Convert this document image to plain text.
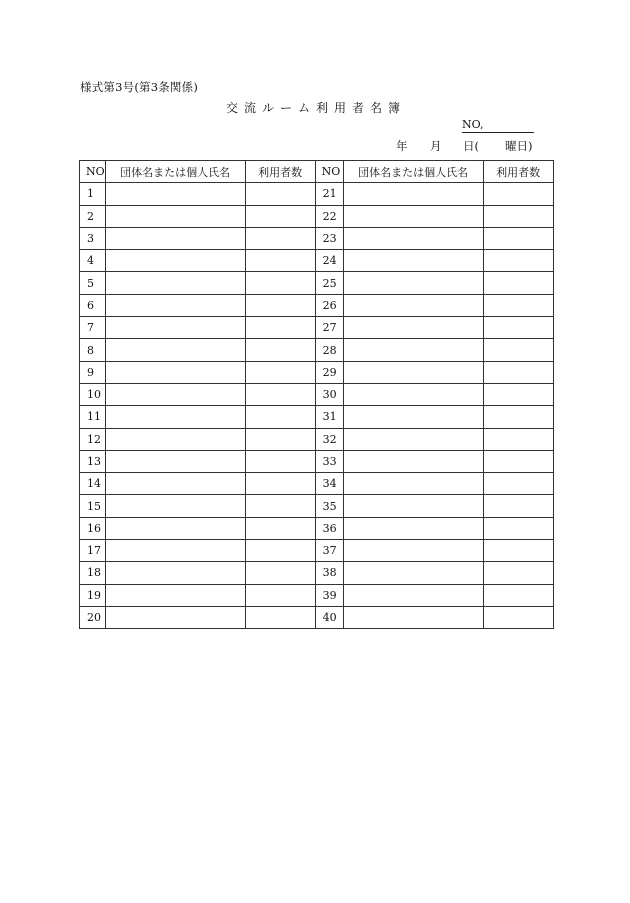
様式第3号(第3条関係)
交流ルーム利用者名簿
NO,
年 月 日( 曜日)
NO	団体名または個人氏名	利用者数	NO	団体名または個人氏名	利用者数
1			21		
2			22		
3			23		
4			24		
5			25		
6			26		
7			27		
8			28		
9			29		
10			30		
11			31		
12			32		
13			33		
14			34		
15			35		
16			36		
17			37		
18			38		
19			39		
20			40		
